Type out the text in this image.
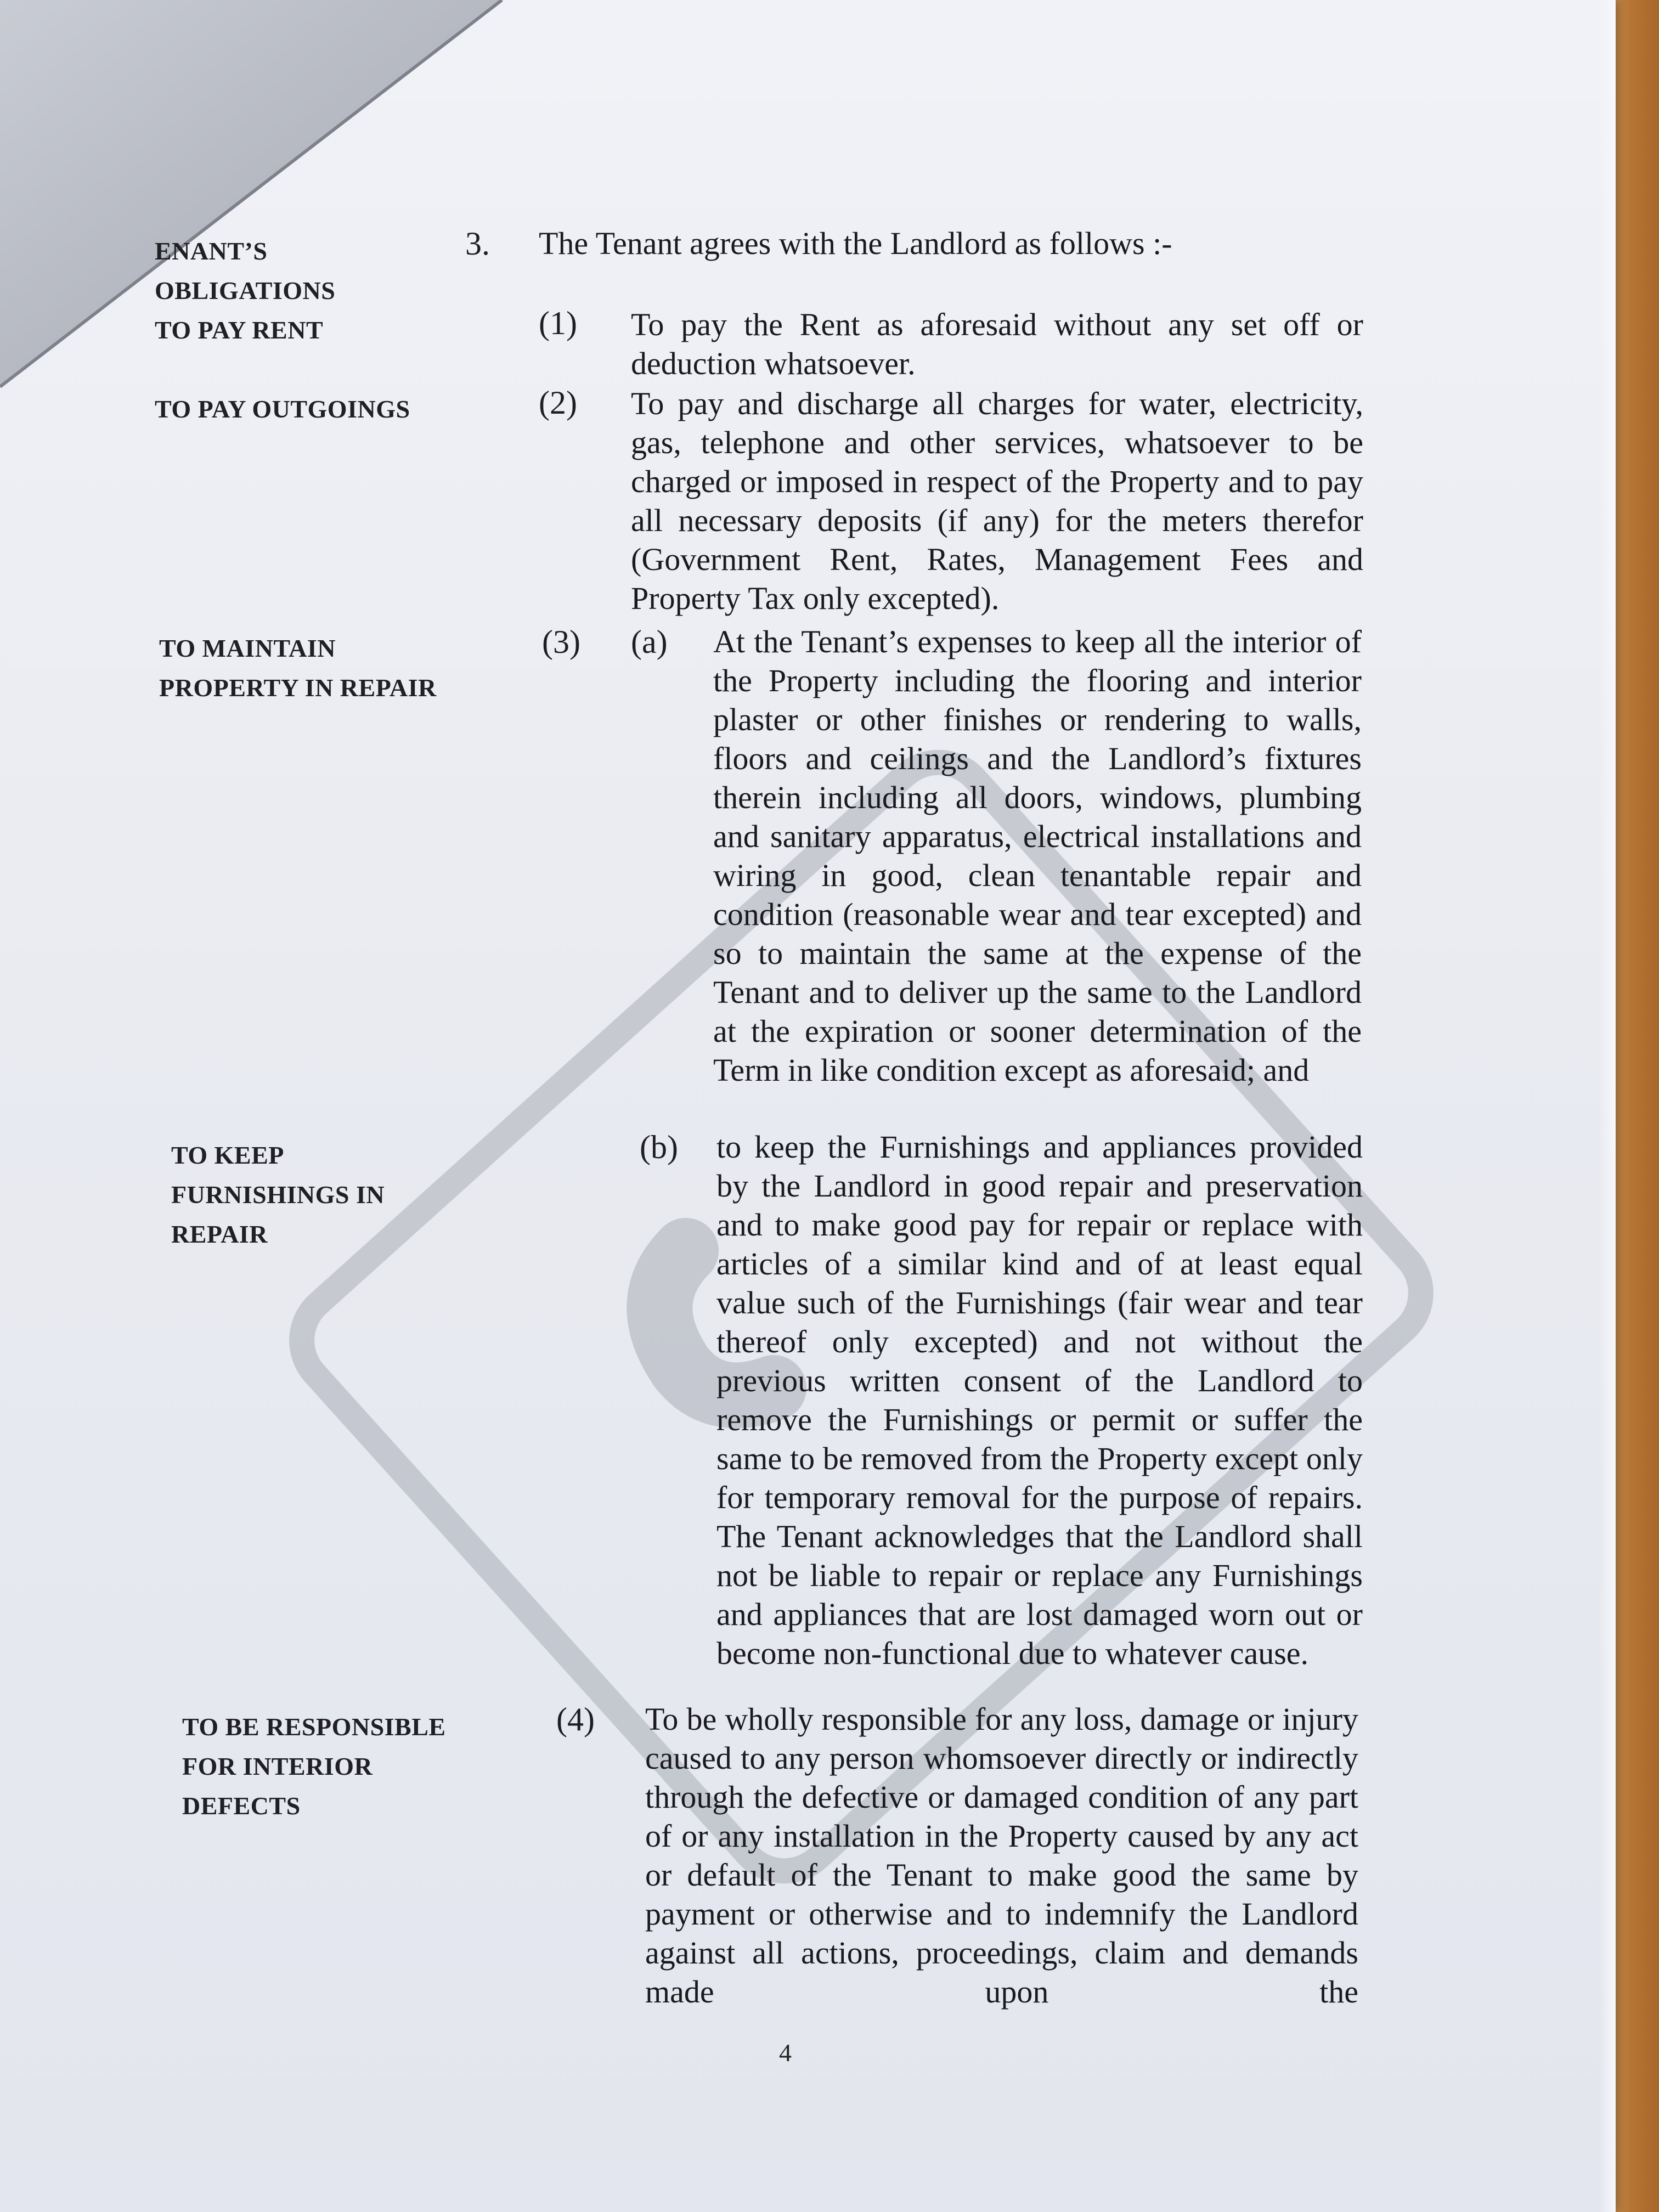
ENANT’S
OBLIGATIONS
TO PAY RENT
TO PAY OUTGOINGS
TO MAINTAIN
PROPERTY IN REPAIR
TO KEEP
FURNISHINGS IN
REPAIR
TO BE RESPONSIBLE
FOR INTERIOR
DEFECTS
3. The Tenant agrees with the Landlord as follows :-
(1) To pay the Rent as aforesaid without any set off or deduction whatsoever.
(2) To pay and discharge all charges for water, electricity, gas, telephone and other services, whatsoever to be charged or imposed in respect of the Property and to pay all necessary deposits (if any) for the meters therefor (Government Rent, Rates, Management Fees and Property Tax only excepted).
(3) (a) At the Tenant’s expenses to keep all the interior of the Property including the flooring and interior plaster or other finishes or rendering to walls, floors and ceilings and the Landlord’s fixtures therein including all doors, windows, plumbing and sanitary apparatus, electrical installations and wiring in good, clean tenantable repair and condition (reasonable wear and tear excepted) and so to maintain the same at the expense of the Tenant and to deliver up the same to the Landlord at the expiration or sooner determination of the Term in like condition except as aforesaid; and
(b) to keep the Furnishings and appliances provided by the Landlord in good repair and preservation and to make good pay for repair or replace with articles of a similar kind and of at least equal value such of the Furnishings (fair wear and tear thereof only excepted) and not without the previous written consent of the Landlord to remove the Furnishings or permit or suffer the same to be removed from the Property except only for temporary removal for the purpose of repairs. The Tenant acknowledges that the Landlord shall not be liable to repair or replace any Furnishings and appliances that are lost damaged worn out or become non-functional due to whatever cause.
(4) To be wholly responsible for any loss, damage or injury caused to any person whomsoever directly or indirectly through the defective or damaged condition of any part of or any installation in the Property caused by any act or default of the Tenant to make good the same by payment or otherwise and to indemnify the Landlord against all actions, proceedings, claim and demands made upon the
4
